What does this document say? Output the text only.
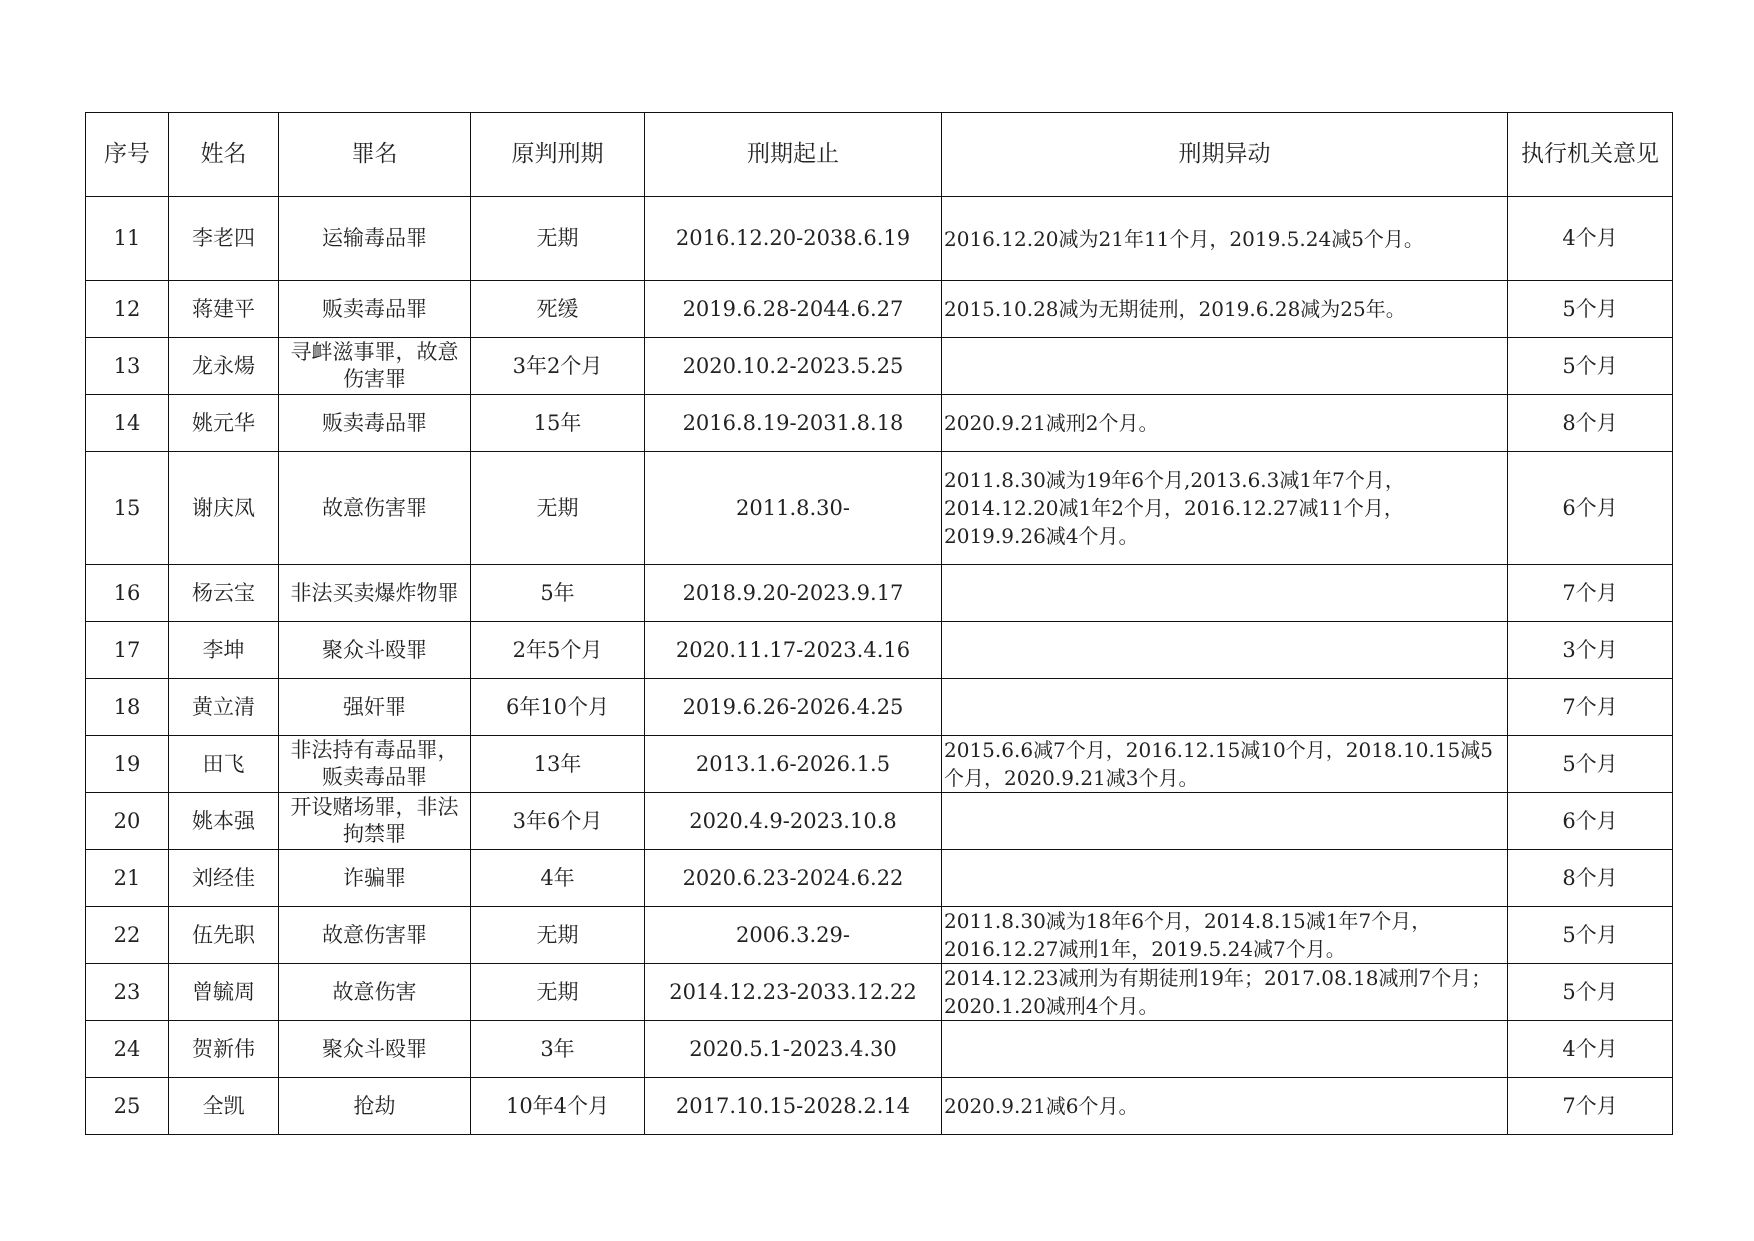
序号	姓名	罪名	原判刑期	刑期起止	刑期异动	执行机关意见
11	李老四	运输毒品罪	无期	2016.12.20-2038.6.19	2016.12.20减为21年11个月，2019.5.24减5个月。	4个月
12	蒋建平	贩卖毒品罪	死缓	2019.6.28-2044.6.27	2015.10.28减为无期徒刑，2019.6.28减为25年。	5个月
13	龙永煬	寻衅滋事罪，故意伤害罪	3年2个月	2020.10.2-2023.5.25		5个月
14	姚元华	贩卖毒品罪	15年	2016.8.19-2031.8.18	2020.9.21减刑2个月。	8个月
15	谢庆凤	故意伤害罪	无期	2011.8.30-	2011.8.30减为19年6个月,2013.6.3减1年7个月，2014.12.20减1年2个月，2016.12.27减11个月，2019.9.26减4个月。	6个月
16	杨云宝	非法买卖爆炸物罪	5年	2018.9.20-2023.9.17		7个月
17	李坤	聚众斗殴罪	2年5个月	2020.11.17-2023.4.16		3个月
18	黄立清	强奸罪	6年10个月	2019.6.26-2026.4.25		7个月
19	田飞	非法持有毒品罪，贩卖毒品罪	13年	2013.1.6-2026.1.5	2015.6.6减7个月，2016.12.15减10个月，2018.10.15减5个月，2020.9.21减3个月。	5个月
20	姚本强	开设赌场罪，非法拘禁罪	3年6个月	2020.4.9-2023.10.8		6个月
21	刘经佳	诈骗罪	4年	2020.6.23-2024.6.22		8个月
22	伍先职	故意伤害罪	无期	2006.3.29-	2011.8.30减为18年6个月，2014.8.15减1年7个月，2016.12.27减刑1年，2019.5.24减7个月。	5个月
23	曾毓周	故意伤害	无期	2014.12.23-2033.12.22	2014.12.23减刑为有期徒刑19年；2017.08.18减刑7个月；2020.1.20减刑4个月。	5个月
24	贺新伟	聚众斗殴罪	3年	2020.5.1-2023.4.30		4个月
25	全凯	抢劫	10年4个月	2017.10.15-2028.2.14	2020.9.21减6个月。	7个月
